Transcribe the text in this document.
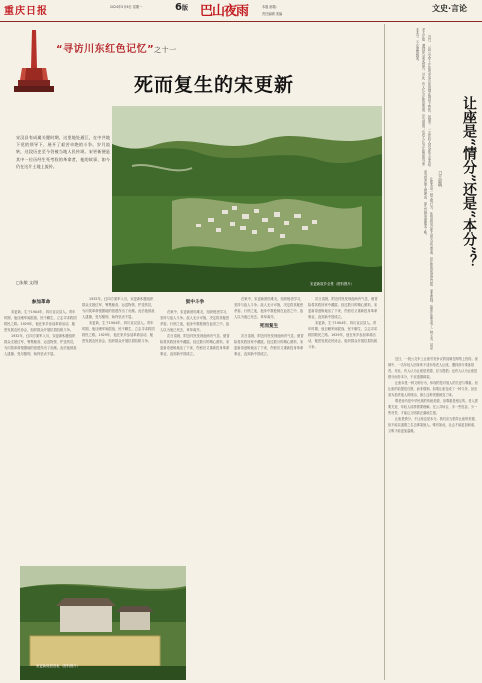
重庆日报	2024年5月6日 星期一	6版 巴山夜雨	本版 邮箱：
责任编辑 美编
文史·言论
“寻访川东红色记忆”之十一
死而复生的宋更新
宋汉县有成属关键时期，这里地处通江，在中共地下党的领导下，展开了艰苦卓绝的斗争。岁月流转，这段历史至今仍被当地人民传颂。宋更新便是其中一位历经生死考验的革命者，他的故事，如今仍在这片土地上流传。
□朱敏 文/图	宋更新故乡全景（资料图片）
参加革命

宋更新，生于1904年，四川宣汉县人。青年时期，他目睹军阀混战、民不聊生，立志寻求救国救民之路。1929年，他在家乡参加革命活动，秘密发展农民协会，组织群众开展抗捐抗税斗争。

1932年，红四方面军入川，宋更新积极组织群众支援红军，筹集粮食、运送物资、护送伤员，为川陕革命根据地的创建作出了贡献。此后他被敌人逮捕，受尽酷刑，始终坚贞不屈。

1932年，红四方面军入川，宋更新积极组织群众支援红军，筹集粮食、运送物资、护送伤员，为川陕革命根据地的创建作出了贡献。此后他被敌人逮捕，受尽酷刑，始终坚贞不屈。

宋更新，生于1904年，四川宣汉县人。青年时期，他目睹军阀混战、民不聊生，立志寻求救国救民之路。1929年，他在家乡参加革命活动，秘密发展农民协会，组织群众开展抗捐抗税斗争。

狱中斗争

在狱中，宋更新团结难友，组织秘密学习，坚持与敌人斗争。敌人无计可施，决定将其秘密杀害。行刑之夜，他身中数枪倒在血泊之中，敌人以为他已死去，草草离开。

次日清晨，附近村民发现他尚有气息，便冒险将其救回家中藏匿。经过数月的精心照料，宋更新奇迹般地活了下来，伤愈后又重新投身革命事业，直到新中国成立。

在狱中，宋更新团结难友，组织秘密学习，坚持与敌人斗争。敌人无计可施，决定将其秘密杀害。行刑之夜，他身中数枪倒在血泊之中，敌人以为他已死去，草草离开。

死而复生

次日清晨，附近村民发现他尚有气息，便冒险将其救回家中藏匿。经过数月的精心照料，宋更新奇迹般地活了下来，伤愈后又重新投身革命事业，直到新中国成立。

次日清晨，附近村民发现他尚有气息，便冒险将其救回家中藏匿。经过数月的精心照料，宋更新奇迹般地活了下来，伤愈后又重新投身革命事业，直到新中国成立。

宋更新，生于1904年，四川宣汉县人。青年时期，他目睹军阀混战、民不聊生，立志寻求救国救民之路。1929年，他在家乡参加革命活动，秘密发展农民协会，组织群众开展抗捐抗税斗争。

宋更新故居旧址（资料图片）

近日，一段公交车上让座引发争议的视频在网络上热传。视频中，一名年轻人因身体不适未给老人让座，遭到部分乘客指责。对此，有人认为让座是美德，应当提倡；也有人认为让座是情分而非本分，不应道德绑架。

让座是“情分”还是“本分”？
□王思明

让座本是一种文明行为，体现的是对他人的关爱与尊重。但让座的前提是自愿，而非强制。如果让座变成了一种义务，甚至成为指责他人的理由，那么这种美德就变了味。

近日，一段公交车上让座引发争议的视频在网络上热传。视频中，一名年轻人因身体不适未给老人让座，遭到部分乘客指责。对此，有人认为让座是美德，应当提倡；也有人认为让座是情分而非本分，不应道德绑架。

让座本是一种文明行为，体现的是对他人的关爱与尊重。但让座的前提是自愿，而非强制。如果让座变成了一种义务，甚至成为指责他人的理由，那么这种美德就变了味。

尊老爱幼是中华民族的传统美德，但尊重是相互的。老人需要关爱，年轻人同样需要理解。在公共场合，多一些包容，少一些苛责，才能让文明真正落地生根。

让座是情分，不让座也是本分。我们应当倡导让座的美德，但不能以道德之名去绑架他人。唯有如此，社会才能更加和谐，文明才能更加温暖。
